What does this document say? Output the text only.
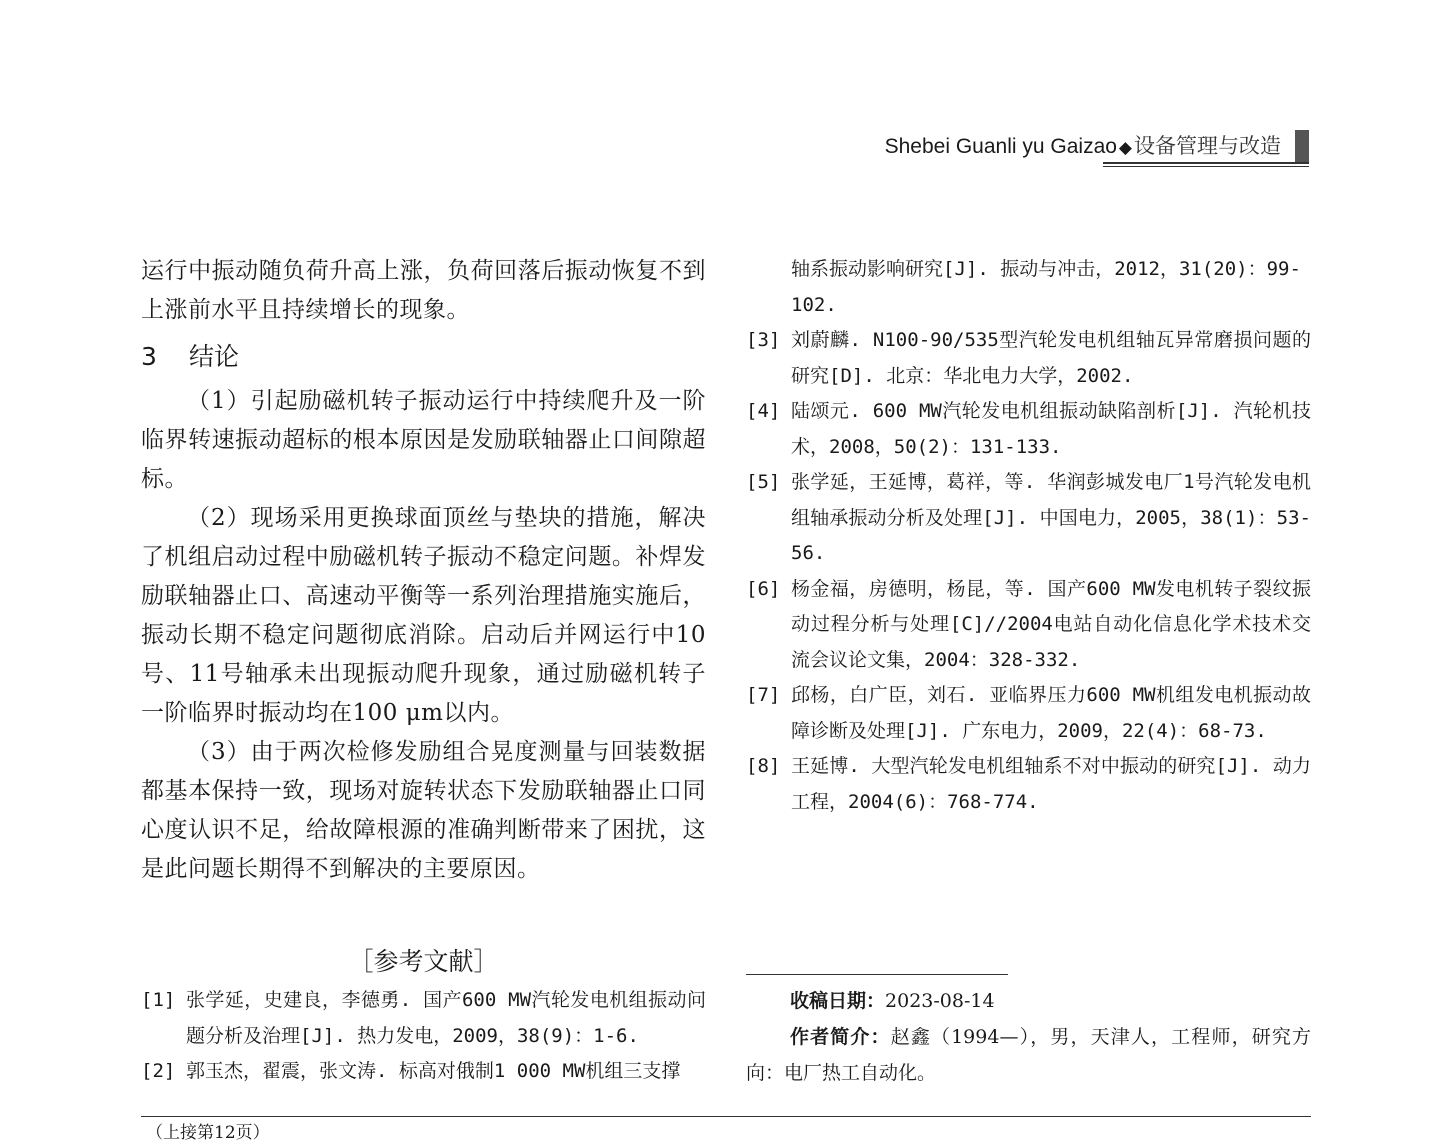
Shebei Guanli yu Gaizao ◆设备管理与改造

运行中振动随负荷升高上涨，负荷回落后振动恢复不到上涨前水平且持续增长的现象。

3 结论

（1）引起励磁机转子振动运行中持续爬升及一阶临界转速振动超标的根本原因是发励联轴器止口间隙超标。

（2）现场采用更换球面顶丝与垫块的措施，解决了机组启动过程中励磁机转子振动不稳定问题。补焊发励联轴器止口、高速动平衡等一系列治理措施实施后，振动长期不稳定问题彻底消除。启动后并网运行中10号、11号轴承未出现振动爬升现象，通过励磁机转子一阶临界时振动均在100 μm以内。

（3）由于两次检修发励组合晃度测量与回装数据都基本保持一致，现场对旋转状态下发励联轴器止口同心度认识不足，给故障根源的准确判断带来了困扰，这是此问题长期得不到解决的主要原因。

［参考文献］

[1] 张学延，史建良，李德勇. 国产600 MW汽轮发电机组振动问题分析及治理[J]. 热力发电，2009，38(9)：1-6.

[2] 郭玉杰，翟震，张文涛. 标高对俄制1 000 MW机组三支撑

轴系振动影响研究[J]. 振动与冲击，2012，31(20)：99-102.

[3] 刘蔚麟. N100-90/535型汽轮发电机组轴瓦异常磨损问题的研究[D]. 北京：华北电力大学，2002.

[4] 陆颂元. 600 MW汽轮发电机组振动缺陷剖析[J]. 汽轮机技术，2008，50(2)：131-133.

[5] 张学延，王延博，葛祥，等. 华润彭城发电厂1号汽轮发电机组轴承振动分析及处理[J]. 中国电力，2005，38(1)：53-56.

[6] 杨金福，房德明，杨昆，等. 国产600 MW发电机转子裂纹振动过程分析与处理[C]//2004电站自动化信息化学术技术交流会议论文集，2004：328-332.

[7] 邱杨，白广臣，刘石. 亚临界压力600 MW机组发电机振动故障诊断及处理[J]. 广东电力，2009，22(4)：68-73.

[8] 王延博. 大型汽轮发电机组轴系不对中振动的研究[J]. 动力工程，2004(6)：768-774.

收稿日期：2023-08-14

作者简介：赵鑫（1994—），男，天津人，工程师，研究方向：电厂热工自动化。

（上接第12页）
